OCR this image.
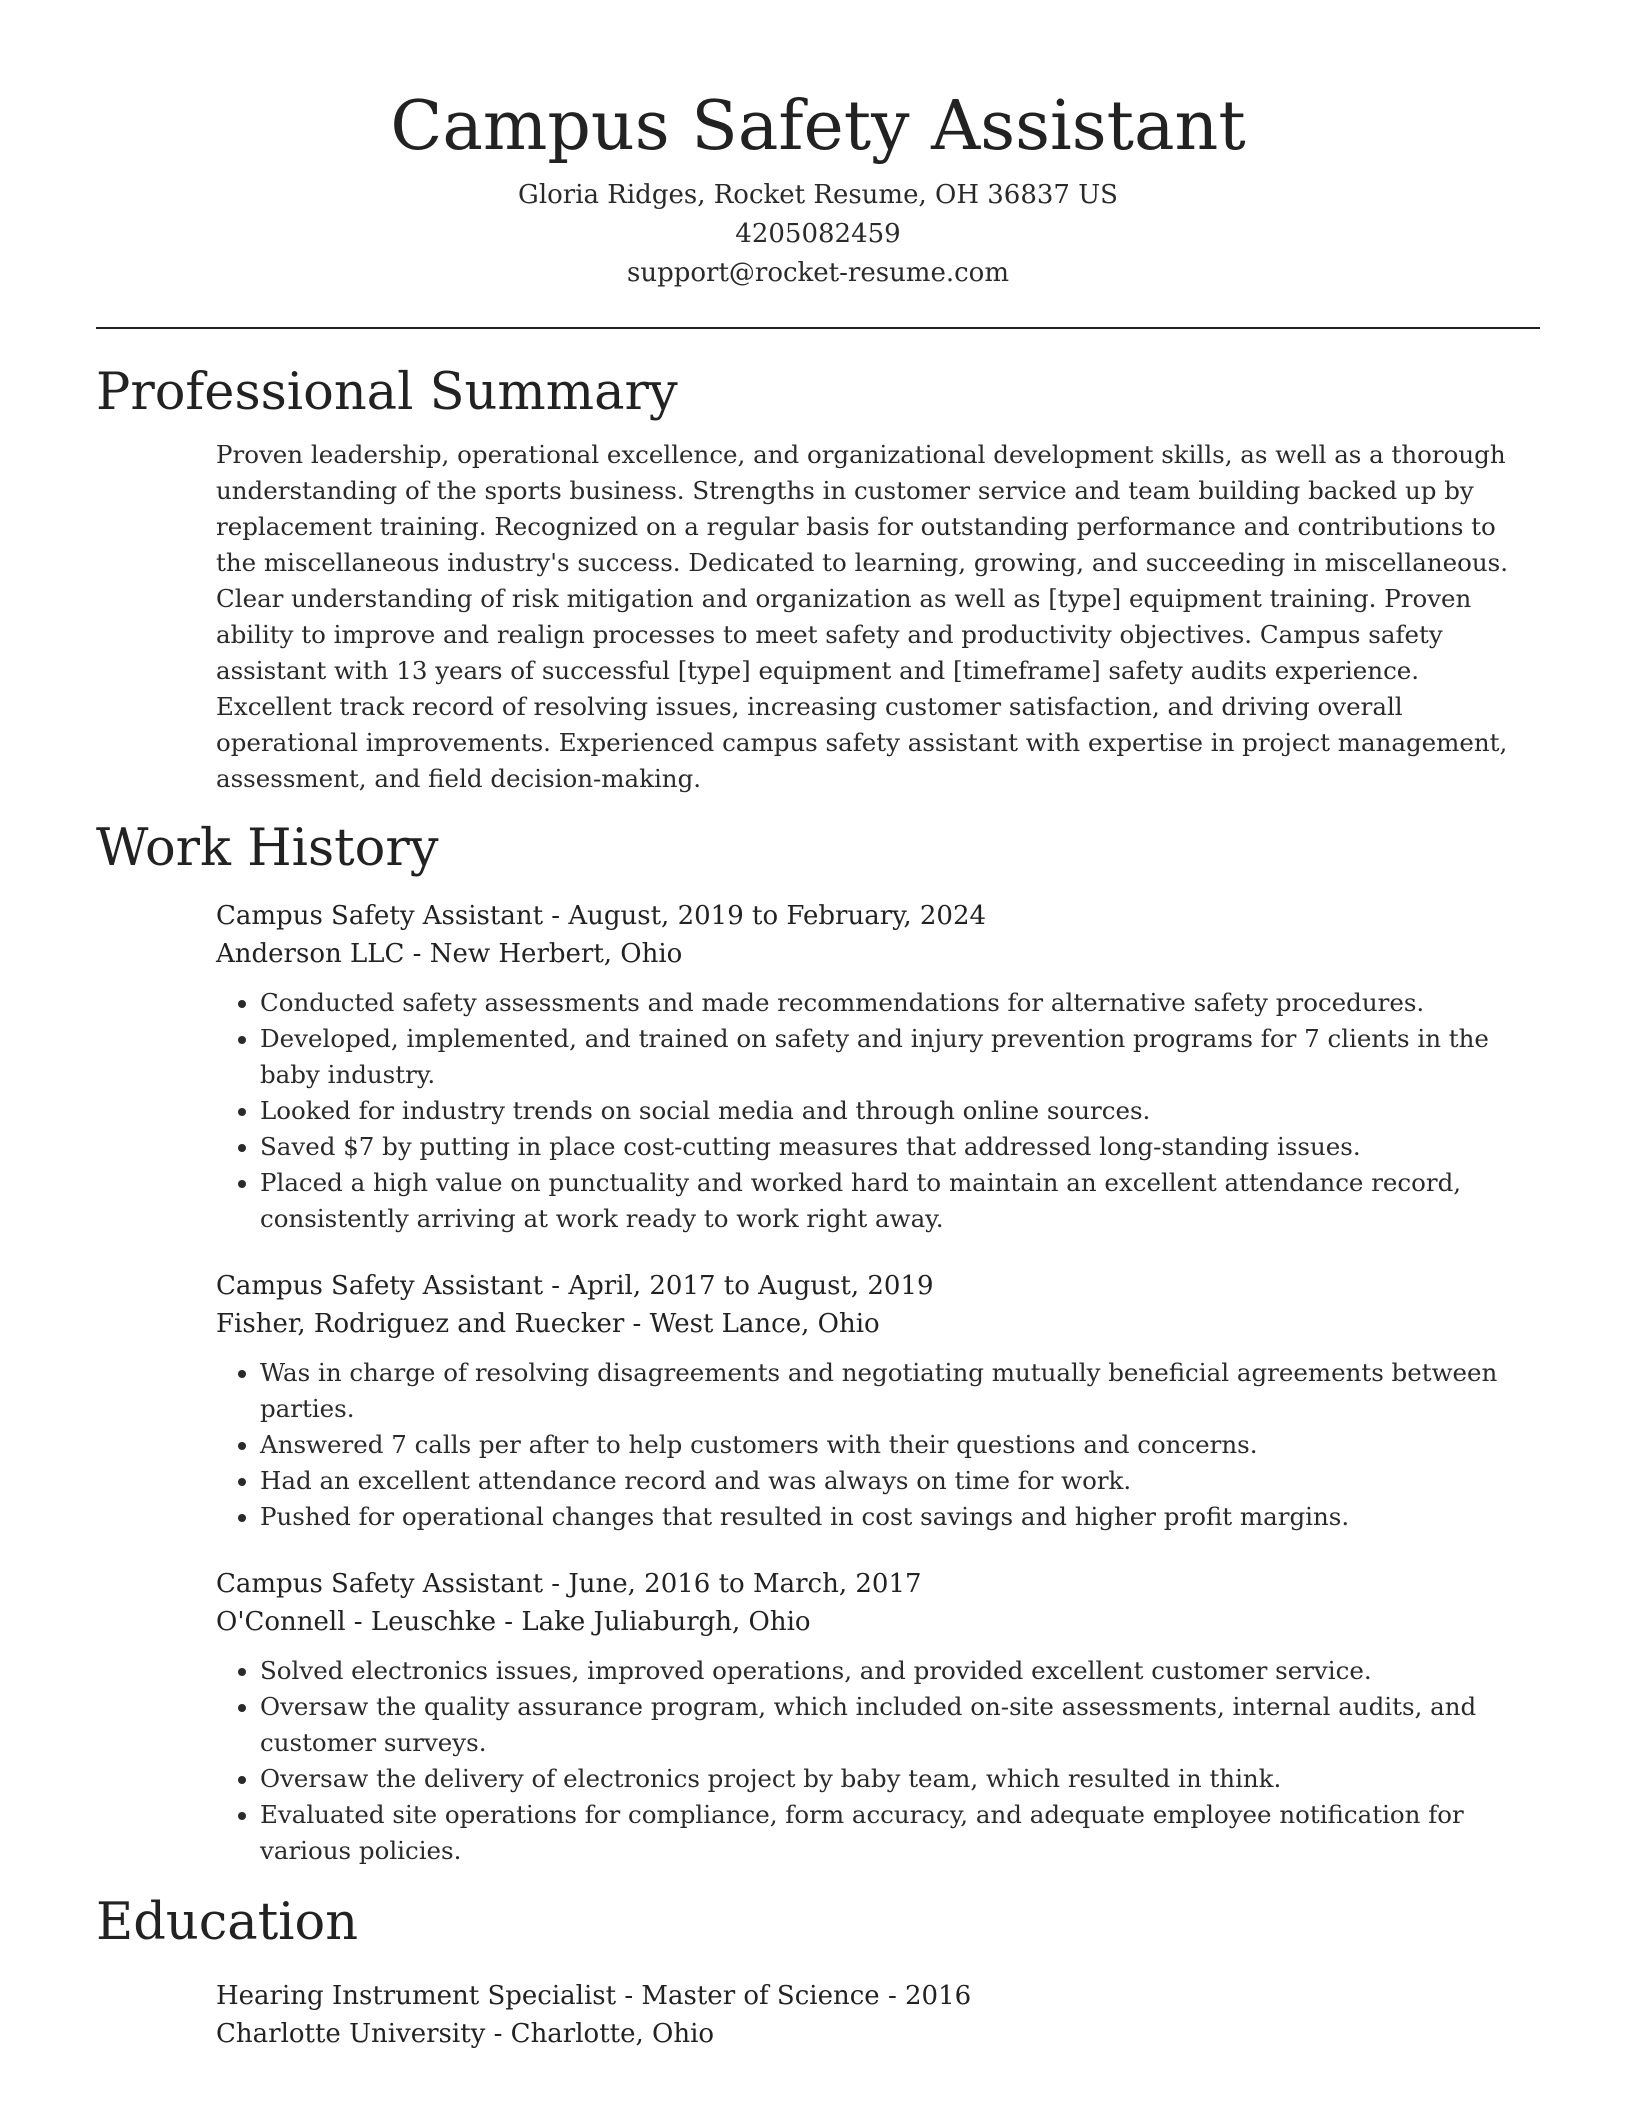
Campus Safety Assistant
Gloria Ridges, Rocket Resume, OH 36837 US
4205082459
support@rocket-resume.com
Professional Summary
Proven leadership, operational excellence, and organizational development skills, as well as a thorough understanding of the sports business. Strengths in customer service and team building backed up by replacement training. Recognized on a regular basis for outstanding performance and contributions to the miscellaneous industry's success. Dedicated to learning, growing, and succeeding in miscellaneous. Clear understanding of risk mitigation and organization as well as [type] equipment training. Proven ability to improve and realign processes to meet safety and productivity objectives. Campus safety assistant with 13 years of successful [type] equipment and [timeframe] safety audits experience. Excellent track record of resolving issues, increasing customer satisfaction, and driving overall operational improvements. Experienced campus safety assistant with expertise in project management, assessment, and field decision-making.
Work History
Campus Safety Assistant - August, 2019 to February, 2024
Anderson LLC - New Herbert, Ohio
• Conducted safety assessments and made recommendations for alternative safety procedures.
• Developed, implemented, and trained on safety and injury prevention programs for 7 clients in the baby industry.
• Looked for industry trends on social media and through online sources.
• Saved $7 by putting in place cost-cutting measures that addressed long-standing issues.
• Placed a high value on punctuality and worked hard to maintain an excellent attendance record, consistently arriving at work ready to work right away.
Campus Safety Assistant - April, 2017 to August, 2019
Fisher, Rodriguez and Ruecker - West Lance, Ohio
• Was in charge of resolving disagreements and negotiating mutually beneficial agreements between parties.
• Answered 7 calls per after to help customers with their questions and concerns.
• Had an excellent attendance record and was always on time for work.
• Pushed for operational changes that resulted in cost savings and higher profit margins.
Campus Safety Assistant - June, 2016 to March, 2017
O'Connell - Leuschke - Lake Juliaburgh, Ohio
• Solved electronics issues, improved operations, and provided excellent customer service.
• Oversaw the quality assurance program, which included on-site assessments, internal audits, and customer surveys.
• Oversaw the delivery of electronics project by baby team, which resulted in think.
• Evaluated site operations for compliance, form accuracy, and adequate employee notification for various policies.
Education
Hearing Instrument Specialist - Master of Science - 2016
Charlotte University - Charlotte, Ohio
